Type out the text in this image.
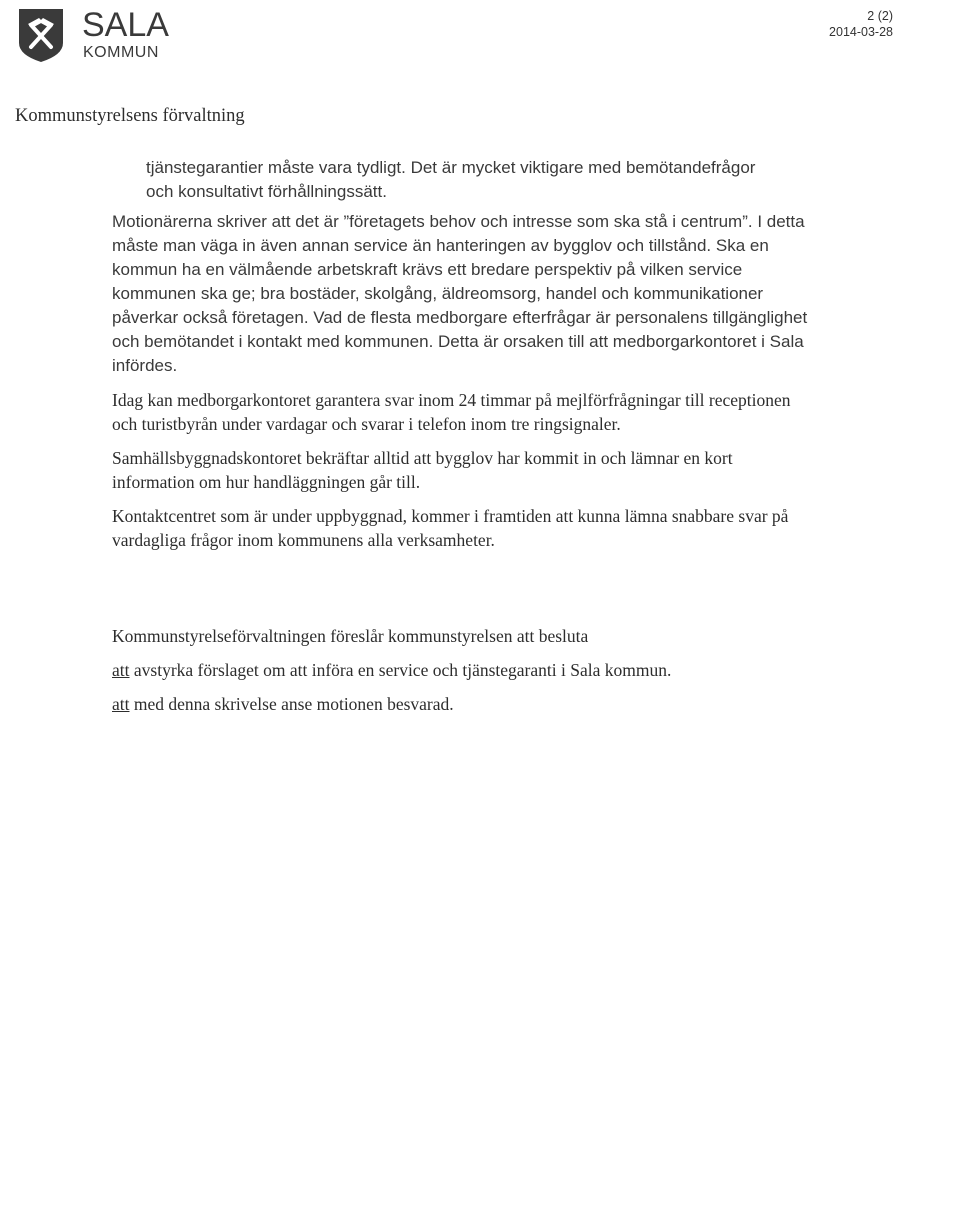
SALA
KOMMUN
2 (2)
2014-03-28
Kommunstyrelsens förvaltning

tjänstegarantier måste vara tydligt. Det är mycket viktigare med bemötandefrågor och konsultativt förhållningssätt.

Motionärerna skriver att det är ”företagets behov och intresse som ska stå i centrum”. I detta måste man väga in även annan service än hanteringen av bygglov och tillstånd. Ska en kommun ha en välmående arbetskraft krävs ett bredare perspektiv på vilken service kommunen ska ge; bra bostäder, skolgång, äldreomsorg, handel och kommunikationer påverkar också företagen. Vad de flesta medborgare efterfrågar är personalens tillgänglighet och bemötandet i kontakt med kommunen. Detta är orsaken till att medborgarkontoret i Sala infördes.

Idag kan medborgarkontoret garantera svar inom 24 timmar på mejlförfrågningar till receptionen och turistbyrån under vardagar och svarar i telefon inom tre ringsignaler.

Samhällsbyggnadskontoret bekräftar alltid att bygglov har kommit in och lämnar en kort information om hur handläggningen går till.

Kontaktcentret som är under uppbyggnad, kommer i framtiden att kunna lämna snabbare svar på vardagliga frågor inom kommunens alla verksamheter.

Kommunstyrelseförvaltningen föreslår kommunstyrelsen att besluta

att avstyrka förslaget om att införa en service och tjänstegaranti i Sala kommun.

att med denna skrivelse anse motionen besvarad.
